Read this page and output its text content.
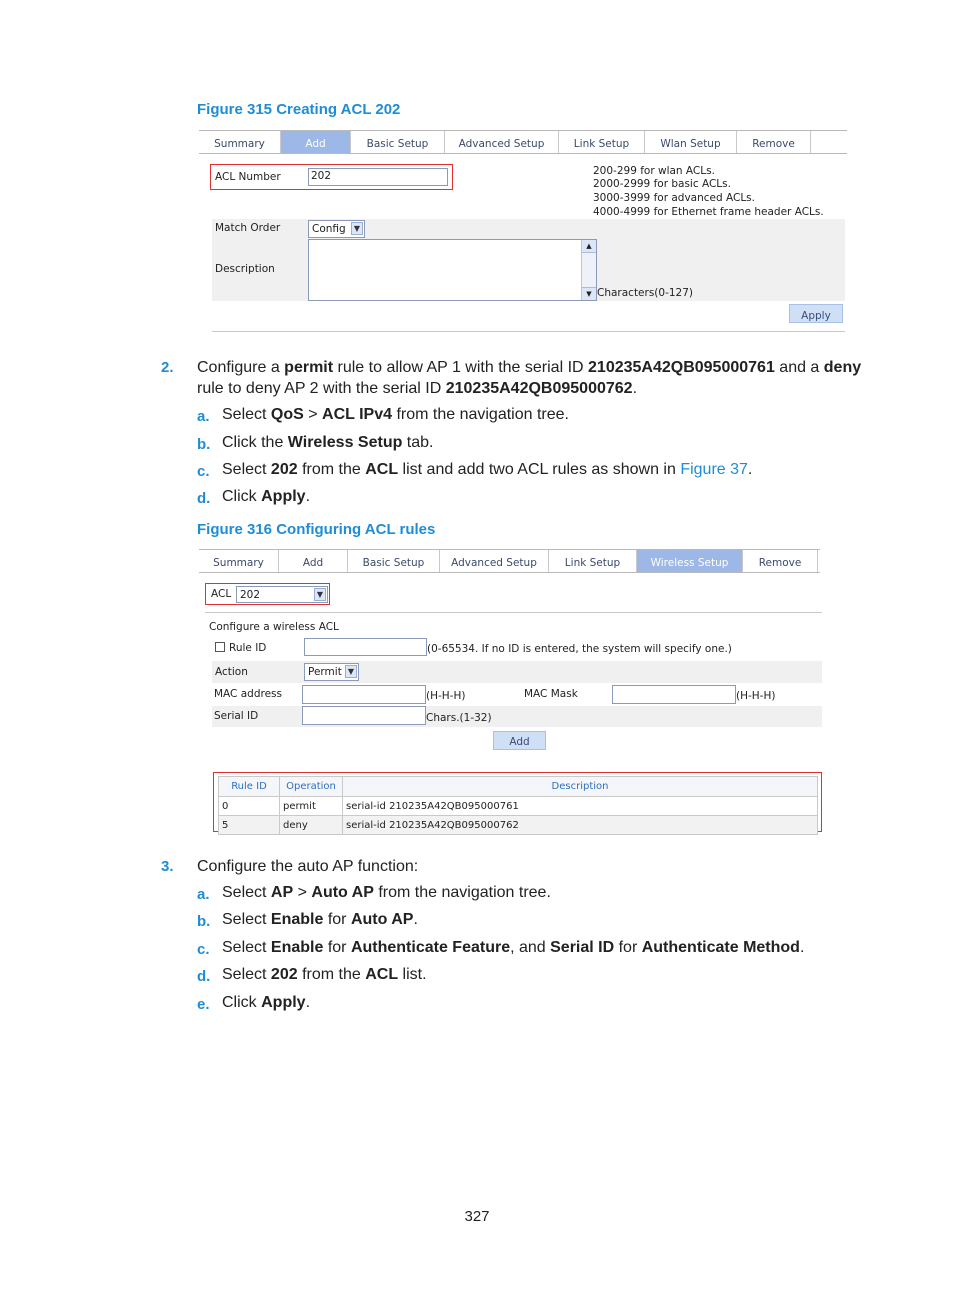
Figure 315 Creating ACL 202
Summary	Add	Basic Setup	Advanced Setup	Link Setup	Wlan Setup	Remove
ACL Number	202	200-299 for wlan ACLs.
2000-2999 for basic ACLs.
3000-3999 for advanced ACLs.
4000-4999 for Ethernet frame header ACLs.
Match Order	Config	▼
Description
▲
▼ Characters(0-127)
Apply
2. Configure a permit rule to allow AP 1 with the serial ID 210235A42QB095000761 and a deny
rule to deny AP 2 with the serial ID 210235A42QB095000762.
a. Select QoS > ACL IPv4 from the navigation tree.
b. Click the Wireless Setup tab.
c. Select 202 from the ACL list and add two ACL rules as shown in Figure 37.
d. Click Apply.
Figure 316 Configuring ACL rules
Summary	Add	Basic Setup	Advanced Setup	Link Setup	Wireless Setup	Remove
ACL 202	▼
Configure a wireless ACL
Rule ID	(0-65534. If no ID is entered, the system will specify one.)
Action	Permit ▼
MAC address	(H-H-H)	MAC Mask	(H-H-H)
Serial ID	Chars.(1-32)
Add
Rule ID	Operation	Description
0	permit	serial-id 210235A42QB095000761
5	deny	serial-id 210235A42QB095000762
3. Configure the auto AP function:
a. Select AP > Auto AP from the navigation tree.
b. Select Enable for Auto AP.
c. Select Enable for Authenticate Feature, and Serial ID for Authenticate Method.
d. Select 202 from the ACL list.
e. Click Apply.
327
